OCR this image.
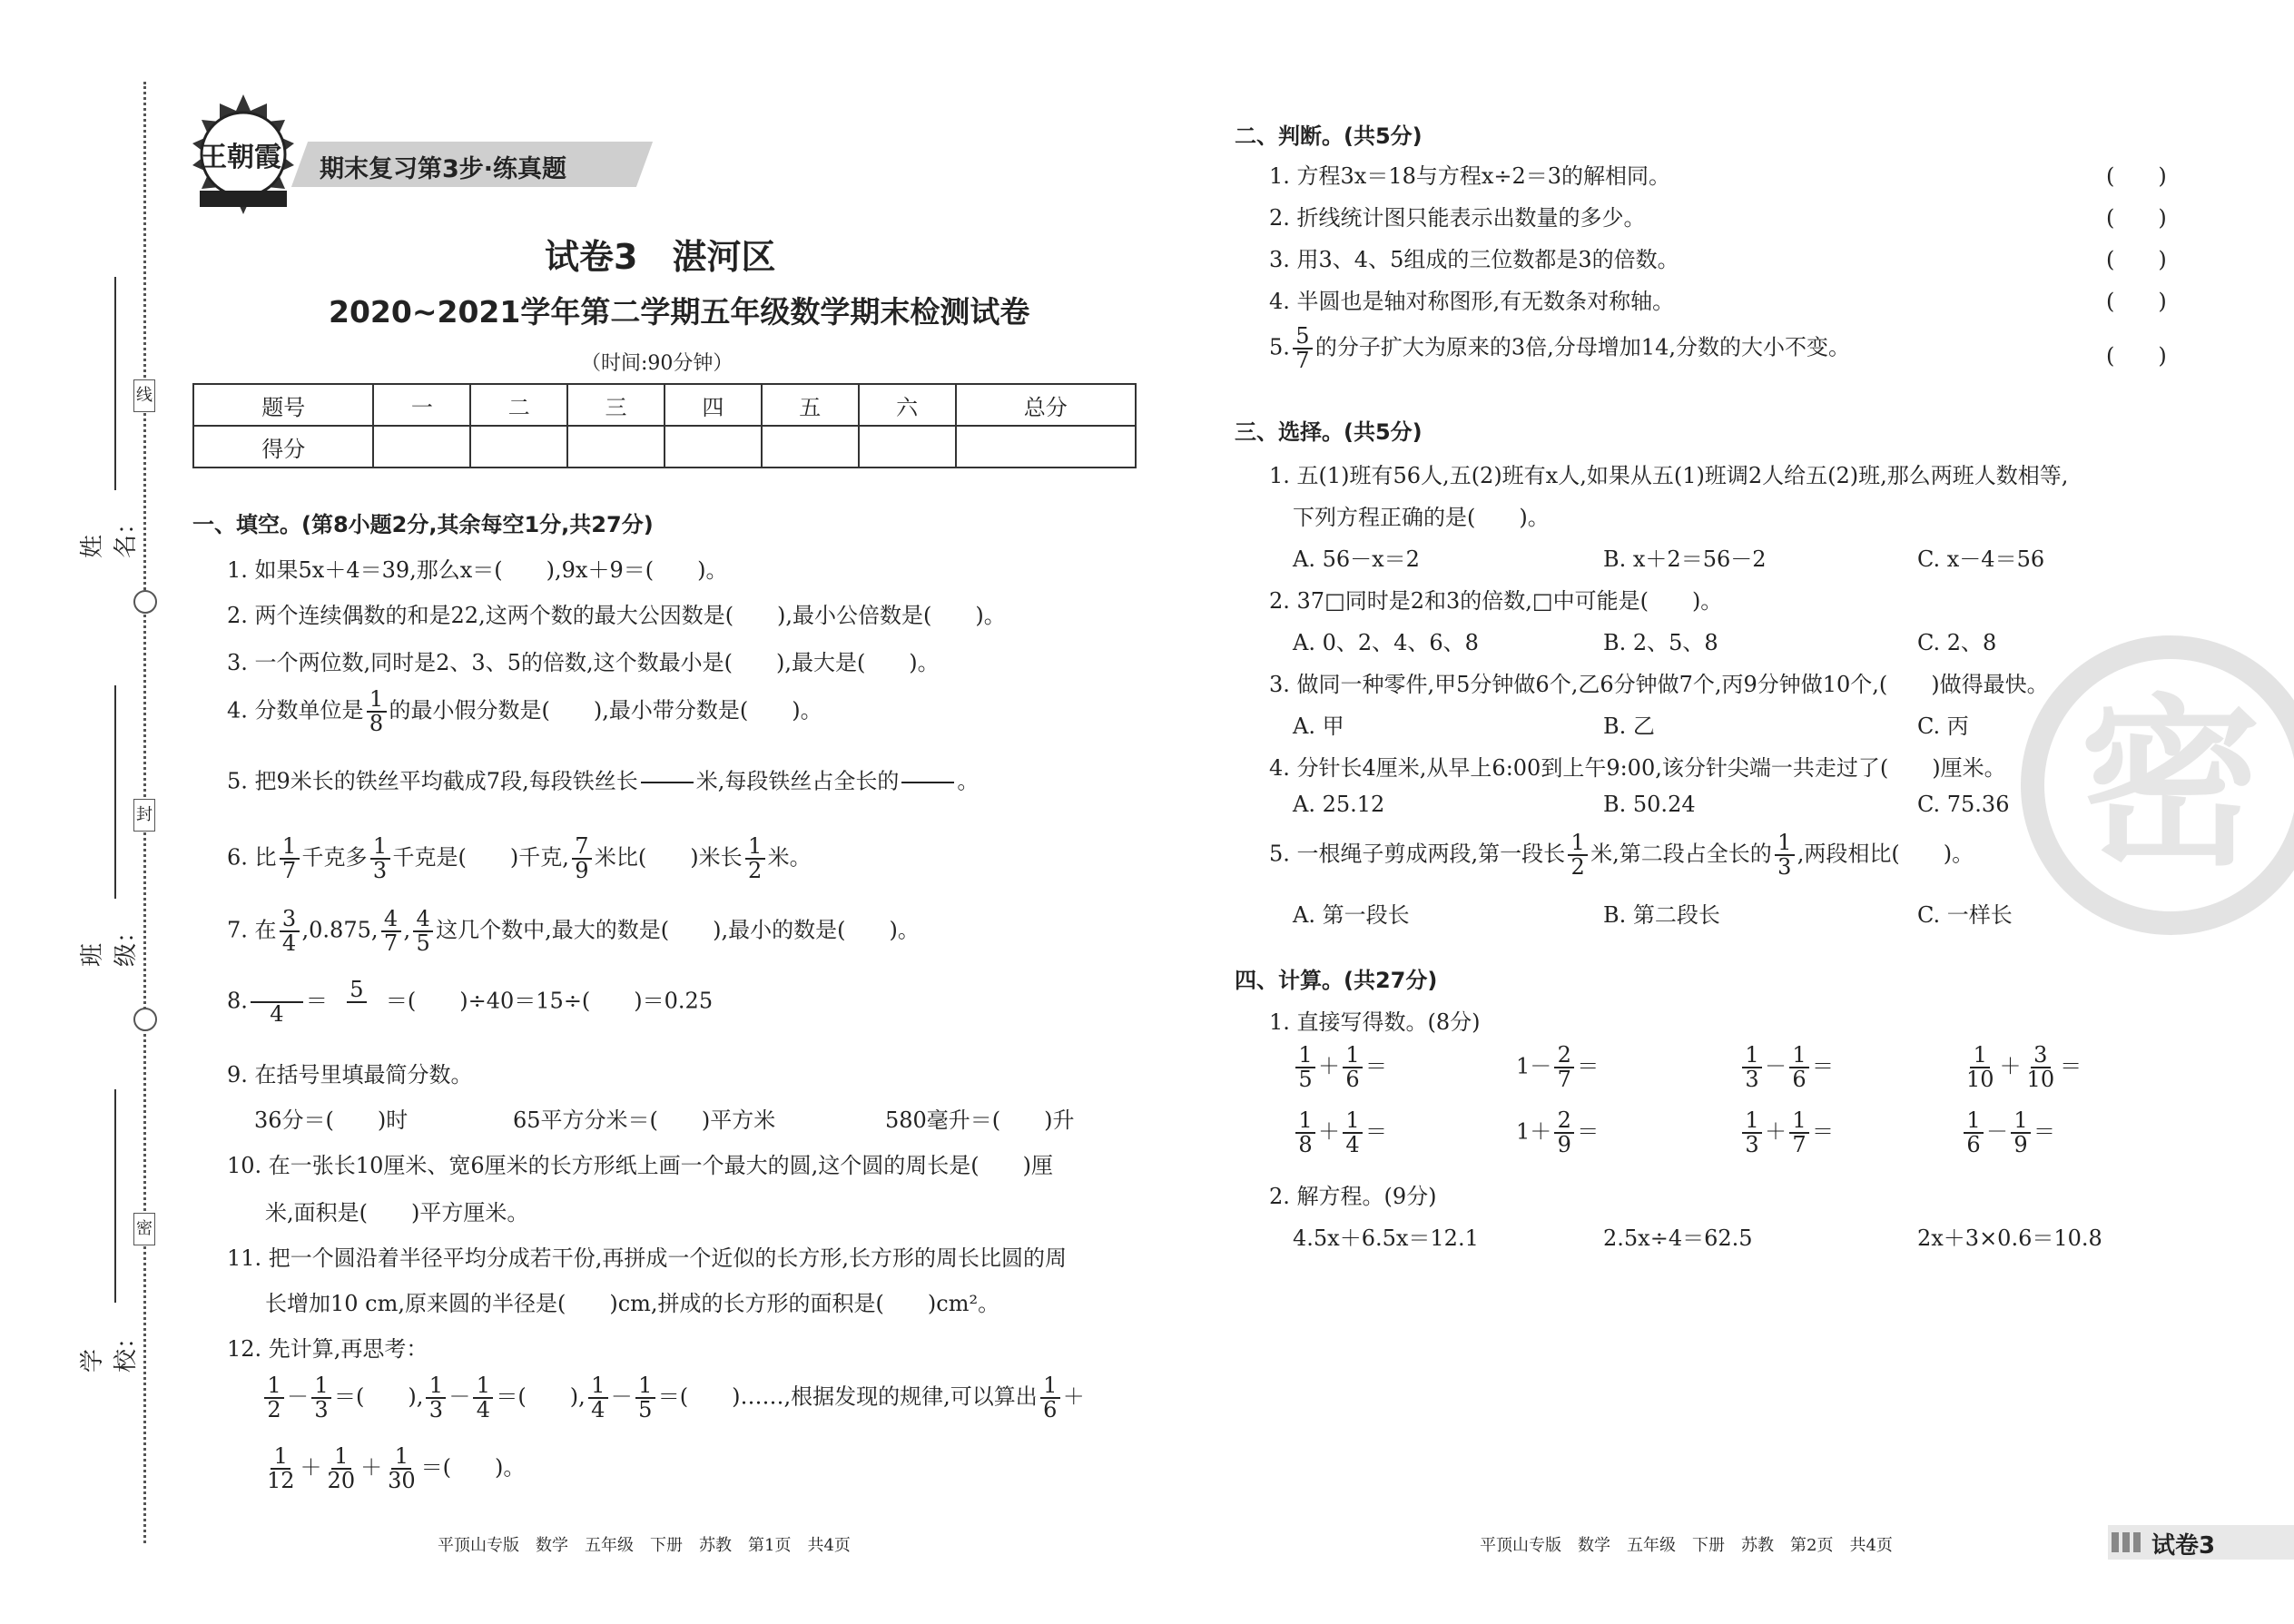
线
封
密
姓名：
班级：
学校：
王朝霞
成长路上 追光满天
期末复习第3步·练真题
试卷3　湛河区
2020~2021学年第二学期五年级数学期末检测试卷
（时间:90分钟）
题号	一	二	三	四	五	六	总分
得分							
一、填空。(第8小题2分,其余每空1分,共27分)
1. 如果5x＋4＝39,那么x＝(　　),9x＋9＝(　　)。
2. 两个连续偶数的和是22,这两个数的最大公因数是(　　),最小公倍数是(　　)。
3. 一个两位数,同时是2、3、5的倍数,这个数最小是(　　),最大是(　　)。
4. 分数单位是 $\frac{1}{8}$ 的最小假分数是(　　),最小带分数是(　　)。
5. 把9米长的铁丝平均截成7段,每段铁丝长	米,每段铁丝占全长的	。
6. 比 $\frac{1}{7}$ 千克多 $\frac{1}{3}$ 千克是(　　)千克, $\frac{7}{9}$ 米比(　　)米长 $\frac{1}{2}$ 米。
7. 在 $\frac{3}{4} ,0.875$, $\frac{4}{7}$ , $\frac{4}{5}$ 这几个数中,最大的数是(　　),最小的数是(　　)。
8.
4
＝ 5 ＝(　　)÷40＝15÷(　　)＝0.25
9. 在括号里填最简分数。
36分＝(　　)时	65平方分米＝(　　)平方米	580毫升＝(　　)升
10. 在一张长10厘米、宽6厘米的长方形纸上画一个最大的圆,这个圆的周长是(　　)厘
米,面积是(　　)平方厘米。
11. 把一个圆沿着半径平均分成若干份,再拼成一个近似的长方形,长方形的周长比圆的周
长增加10 cm,原来圆的半径是(　　)cm,拼成的长方形的面积是(　　)cm²。
12. 先计算,再思考：
$\frac{1}{2} - \frac{1}{3}$ ＝(　　), $\frac{1}{3} - \frac{1}{4}$ ＝(　　), $\frac{1}{4} - \frac{1}{5}$ ＝(　　)……,根据发现的规律,可以算出 $\frac{1}{6}$ ＋
$\frac{1}{12} + \frac{1}{20} + \frac{1}{30}$ ＝(　　)。
平顶山专版　数学　五年级　下册　苏教　第1页　共4页
二、判断。(共5分)
1. 方程3x＝18与方程x÷2＝3的解相同。
2. 折线统计图只能表示出数量的多少。
3. 用3、4、5组成的三位数都是3的倍数。
4. 半圆也是轴对称图形,有无数条对称轴。
5. $\frac{5}{7}$ 的分子扩大为原来的3倍,分母增加14,分数的大小不变。
(　　)
(　　)
(　　)
(　　)
(　　)
密
三、选择。(共5分)
1. 五(1)班有56人,五(2)班有x人,如果从五(1)班调2人给五(2)班,那么两班人数相等,
下列方程正确的是(　　)。
A. 56－x＝2	B. x＋2＝56－2	C. x－4＝56
2. 37□同时是2和3的倍数,□中可能是(　　)。
A. 0、2、4、6、8	B. 2、5、8	C. 2、8
3. 做同一种零件,甲5分钟做6个,乙6分钟做7个,丙9分钟做10个,(　　)做得最快。
A. 甲	B. 乙	C. 丙
4. 分针长4厘米,从早上6:00到上午9:00,该分针尖端一共走过了(　　)厘米。
A. 25.12	B. 50.24	C. 75.36
5. 一根绳子剪成两段,第一段长 $\frac{1}{2}$ 米,第二段占全长的 $\frac{1}{3}$ ,两段相比(　　)。
A. 第一段长	B. 第二段长	C. 一样长
四、计算。(共27分)
1. 直接写得数。(8分)
$\frac{1}{5} + \frac{1}{6}$ ＝	$1- \frac{2}{7}$ ＝	$\frac{1}{3} - \frac{1}{6}$ ＝	$\frac{1}{10} + \frac{3}{10}$ ＝
$\frac{1}{8} + \frac{1}{4}$ ＝	$1+ \frac{2}{9}$ ＝	$\frac{1}{3} + \frac{1}{7}$ ＝	$\frac{1}{6} - \frac{1}{9}$ ＝
2. 解方程。(9分)
4.5x＋6.5x＝12.1	2.5x÷4＝62.5	2x＋3×0.6＝10.8
平顶山专版　数学　五年级　下册　苏教　第2页　共4页	试卷3
